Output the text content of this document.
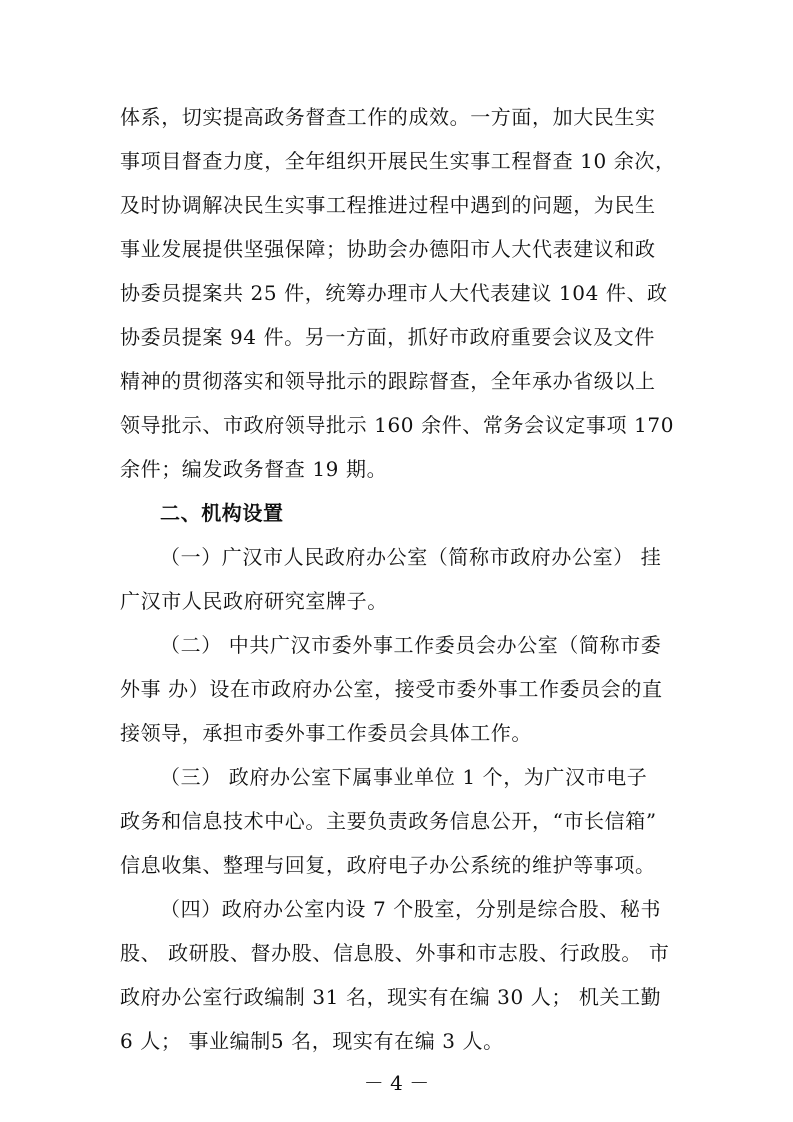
体系，切实提高政务督查工作的成效。一方面，加大民生实
事项目督查力度，全年组织开展民生实事工程督查 10 余次，
及时协调解决民生实事工程推进过程中遇到的问题，为民生
事业发展提供坚强保障；协助会办德阳市人大代表建议和政
协委员提案共 25 件，统筹办理市人大代表建议 104 件、政
协委员提案 94 件。另一方面，抓好市政府重要会议及文件
精神的贯彻落实和领导批示的跟踪督查，全年承办省级以上
领导批示、市政府领导批示 160 余件、常务会议定事项 170
余件；编发政务督查 19 期。
二、机构设置
（一）广汉市人民政府办公室（简称市政府办公室） 挂
广汉市人民政府研究室牌子。
（二） 中共广汉市委外事工作委员会办公室（简称市委
外事 办）设在市政府办公室，接受市委外事工作委员会的直
接领导，承担市委外事工作委员会具体工作。
（三） 政府办公室下属事业单位 1 个，为广汉市电子
政务和信息技术中心。主要负责政务信息公开，“市长信箱”
信息收集、整理与回复，政府电子办公系统的维护等事项。
（四）政府办公室内设 7 个股室，分别是综合股、秘书
股、 政研股、督办股、信息股、外事和市志股、行政股。 市
政府办公室行政编制 31 名，现实有在编 30 人； 机关工勤
6 人； 事业编制5 名，现实有在编 3 人。
－ 4 －
